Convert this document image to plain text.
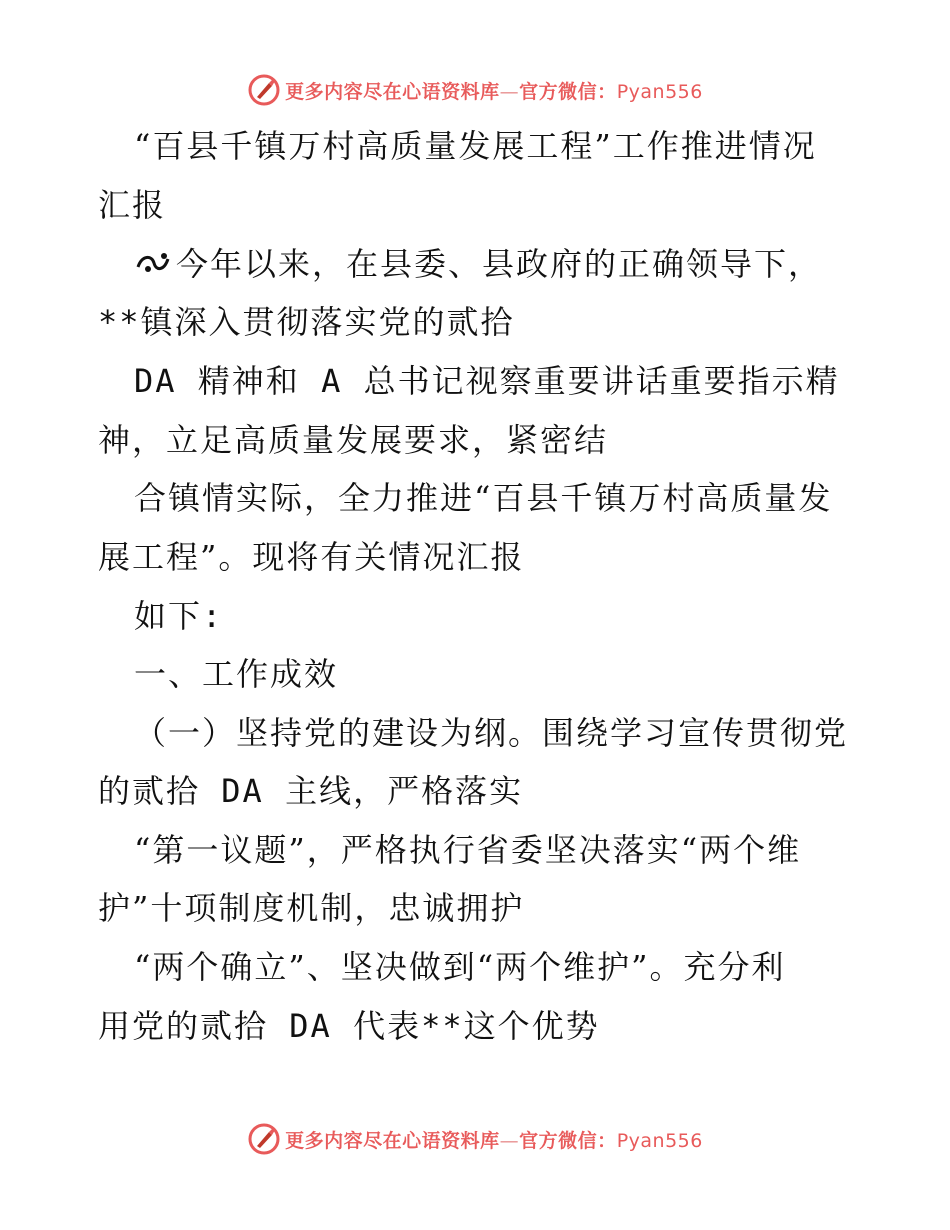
更多内容尽在心语资料库—官方微信：Pyan556
“百县千镇万村高质量发展工程”工作推进情况
汇报
今年以来，在县委、县政府的正确领导下，
**镇深入贯彻落实党的贰拾
DA 精神和 A 总书记视察重要讲话重要指示精
神，立足高质量发展要求，紧密结
合镇情实际，全力推进“百县千镇万村高质量发
展工程”。现将有关情况汇报
如下:
一、工作成效
（一）坚持党的建设为纲。围绕学习宣传贯彻党
的贰拾 DA 主线，严格落实
“第一议题”，严格执行省委坚决落实“两个维
护”十项制度机制，忠诚拥护
“两个确立”、坚决做到“两个维护”。充分利
用党的贰拾 DA 代表**这个优势
更多内容尽在心语资料库—官方微信：Pyan556
